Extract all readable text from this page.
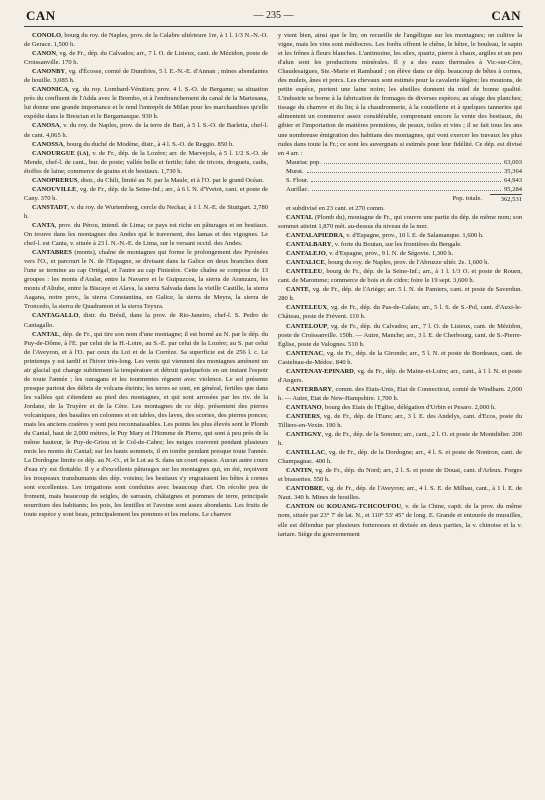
CAN	— 235 —	CAN

CONOLO, bourg du roy. de Naples, prov. de la Calabre ultérieure 1re, à 1 l. 1/3 N.-N.-O. de Gerace. 1,500 h.

CANON, vg. de Fr., dép. du Calvados; arr., 7 l. O. de Lisieux, cant. de Mézidon, poste de Croissanville. 170 h.

CANONBY, vg. d'Écosse, comté de Dumfries, 5 l. E.-N.-E. d'Annan ; mines abondantes de houille. 3,085 h.

CANONICA, vg. du roy. Lombard-Vénitien; prov. 4 l. S.-O. de Bergame; sa situation près du confluent de l'Adda avec le Brembo, et à l'embranchement du canal de la Martesana, lui donne une grande importance et le rend l'entrepôt de Milan pour les marchandises qu'elle expédie dans le Brescian et le Bergamasque. 930 h.

CANOSA, v. du roy. de Naples, prov. de la terre de Bari, à 5 l. S.-O. de Barletta, chef-l. de cant. 4,065 h.

CANOSSA, bourg du duché de Modène, distr., à 4 l. S.-O. de Reggio. 850 h.

CANOURGUE (la), v. de Fr., dép. de la Lozère; arr. de Marvejols, à 5 l. 1/2 S.-O. de Mende, chef-l. de cant., bur. de poste; vallée belle et fertile; fabr. de tricots, droguets, cadis, étoffes de laine; commerce de grains et de bestiaux. 1,730 h.

CANOPRERUS, distr., du Chili, limité au N. par la Maule, et à l'O. par le grand Océan.

CANOUVILLE, vg. de Fr., dép. de la Seine-Inf.; arr., à 6 l. N. d'Yvetot, cant. et poste de Cany. 370 h.

CANSTADT, v. du roy. de Wurtemberg, cercle du Neckar, à 1 l. N.-E. de Stuttgart. 2,780 h.

CANTA, prov. du Pérou, intend. de Lima; ce pays est riche en pâturages et en bestiaux. On trouve dans les montagnes des Andes qui le traversent, des lamas et des vigognes. Le chef-l. est Canta, v. située à 23 l. N.-N.-E. de Lima, sur le versant occid. des Andes.

CANTABRES (monts), chaîne de montagnes qui forme le prolongement des Pyrénées vers l'O., et parcourt le N. de l'Espagne, se divisant dans la Galice en deux branches dont l'une se termine au cap Ortégal, et l'autre au cap Finistère. Cette chaîne se compose de 13 groupes : les monts d'Aralar, entre la Navarre et le Guipuzcoa, la sierra de Aranzazu, les monts d'Altube, entre la Biscaye et Alava, la sierra Salvada dans la vieille Castille, la sierra Aagana, notre prov., la sierra Constantina, en Galice, la sierra de Meyra, la sierra de Troncedo, la sierra de Quadramon et la sierra Teyxra.

CANTAGALLO, distr. du Brésil, dans la prov. de Rio-Janeiro, chef-l. S. Pedro de Cantagallo.

CANTAL, dép. de Fr., qui tire son nom d'une montagne; il est borné au N. par le dép. du Puy-de-Dôme, à l'E. par celui de la H.-Loire, au S.-E. par celui de la Lozère; au S. par celui de l'Aveyron, et à l'O. par ceux du Lot et de la Corrèze. Sa superficie est de 256 l. c. Le printemps y est tardif et l'hiver très-long. Les vents qui viennent des montagnes amènent un air glacial qui change subitement la température et détruit quelquefois en un instant l'espoir de toute l'année ; les ouragans et les tourmentes règnent avec violence. Le sol présente presque partout des débris de volcans éteints; les terres se sont, en général, fertiles que dans les vallées qui s'étendent au pied des montagnes, et qui sont arrosées par les riv. de la Jordane, de la Truyère et de la Cère. Les montagnes de ce dép. présentent des pierres volcaniques, des basaltes en colonnes et en tables, des laves, des scories, des pierres ponces; mais les anciens cratères y sont peu reconnaissables. Les points les plus élevés sont le Plomb du Cantal, haut de 2,000 mètres, le Puy Mary et l'Homme de Pierre, qui sont à peu près de la même hauteur, le Puy-de-Griou et le Col-de-Cabre; les neiges couvrent pendant plusieurs mois les monts du Cantal; sur les hauts sommets, il en tombe pendant presque toute l'année. La Dordogne limite ce dép. au N.-O., et le Lot au S. dans un court espace. Aucun autre cours d'eau n'y est flottable. Il y a d'excellents pâturages sur les montagnes qui, en été, reçoivent les troupeaux transhumants des dép. voisins; les bestiaux s'y engraissent les bêtes à cornes sont excellentes. Les irrigations sont conduites avec beaucoup d'art. On récolte peu de froment, mais beaucoup de seigles, de sarrasin, châtaignes et pommes de terre, principale nourriture des habitants; les pois, les lentilles et l'avoine sont assez abondants. Les fruits de toute espèce y sont beau, principalement les pommes et les melons. Le chanvre

y vient bien, ainsi que le lin; on recueille de l'angélique sur les montagnes; on cultive la vigne, mais les vins sont médiocres. Les forêts offrent le chêne, le hêtre, le bouleau, le sapin et les frênes à fleurs blanches. L'antimoine, les silex, quartz, pierre à chaux, argiles et un peu d'alun sont les productions minérales. Il y a des eaux thermales à Vic-sur-Cère, Chaudesaigues, Ste.-Marie et Rambaud ; on élève dans ce dép. beaucoup de bêtes à cornes, des mulets, ânes et porcs. Les chevaux sont estimés pour la cavalerie légère; les moutons, de petite espèce, portent une laine noire; les abeilles donnent du miel de bonne qualité. L'industrie se borne à la fabrication de fromages de diverses espèces; au séage des planches; tissage du chanvre et du lin; à la chaudronnerie, à la coutellerie et à quelques tanneries qui alimentent un commerce assez considérable, comprenant encore la vente des bestiaux, du gibier et l'importation de matières premières, de peaux, toiles et vins ; il se fait tous les ans une nombreuse émigration des habitans des montagnes, qui vont exercer les travaux les plus rudes dans toute la Fr.; ce sont les auvergnats si estimés pour leur fidélité. Ce dép. est divisé en 4 arr. :

Mauriac pop.	63,003
Murat.	35,364
S. Flour.	64,943
Aurillac.	95,284
Pop. totale.	362,531

et subdivisé en 23 cant. et 270 comm.

CANTAL (Plomb du), montagne de Fr., qui couvre une partie du dép. de même nom; son sommet atteint 1,870 mèt. au-dessus du niveau de la mer.

CANTALAPIEDRA, v. d'Espagne, prov., 10 l. E. de Salamanque. 1,600 h.

CANTALBARY, v. forte du Boutan, sur les frontières du Bengale.

CANTALEJO, v. d'Espagne, prov., 9 l. N. de Ségovie. 1,300 h.

CANTALICE, bourg du roy. de Naples, prov. de l'Abruzze ultér. 2e. 1,600 h.

CANTELEU, bourg de Fr., dép. de la Seine-Inf.; arr., à 1 l. 1/3 O. et poste de Rouen, cant. de Maromme; commerce de bois et de cidre; foire le 19 sept. 3,600 h.

CANTE, vg. de Fr., dép. de l'Ariège; arr. 5 l. N. de Pamiers, cant. et poste de Saverdun. 280 h.

CANTELEUX, vg. de Fr., dép. du Pas-de-Calais; arr., 5 l. S. de S.-Pol, cant. d'Auxi-le-Château, poste de Frévent. 110 h.

CANTELOUP, vg. de Fr., dép. du Calvados; arr., 7 l. O. de Lisieux, cant. de Mézidon, poste de Croissanville. 150h. — Autre, Manche; arr., 3 l. E. de Cherbourg, cant. de S.-Pierre-Église, poste de Valognes. 510 h.

CANTENAC, vg. de Fr., dép. de la Gironde; arr., 5 l. N. et poste de Bordeaux, cant. de Castelnau-de-Médoc. 840 h.

CANTENAY-EPINARD, vg. de Fr., dép. de Maine-et-Loire; arr., cant., à 1 l. N. et poste d'Angers.

CANTERBARY, comm. des Etats-Unis, Etat de Connecticut, comté de Windham. 2,000 h. — Autre, Etat de New-Hampshire. 1,700 h.

CANTIANO, bourg des Etats de l'Eglise, délégation d'Urbin et Pesaro. 2,000 h.

CANTIERS, vg. de Fr., dép. de l'Eure; arr., 3 l. E. des Andelys, cant. d'Ecos, poste du Tilliers-en-Vexin. 190 h.

CANTIGNY, vg. de Fr., dép. de la Somme; arr., cant., 2 l. O. et poste de Montdidier. 200 h.

CANTILLAC, vg. de Fr., dép. de la Dordogne; arr., 4 l. S. et poste de Nontron, cant. de Champagnac. 400 h.

CANTIN, vg. de Fr., dép. du Nord; arr., 2 l. S. et poste de Douai, cant. d'Arleux. Forges et brasseries. 550 h.

CANTOBRE, vg. de Fr., dép. de l'Aveyron; arr., 4 l. S. E. de Milhau, cant., à 1 l. E. de Naut. 340 h. Mines de houilles.

CANTON ou KOUANG-TCHCOUFOU, v. de la Chine, capit. de la prov. du même nom, située par 23° 7' de lat. N., et 110° 53' 45" de long. E. Grande et entourée de murailles, elle est défendue par plusieurs forteresses et divisée en deux parties, la v. chinoise et la v. tartare. Siège du gouvernement
